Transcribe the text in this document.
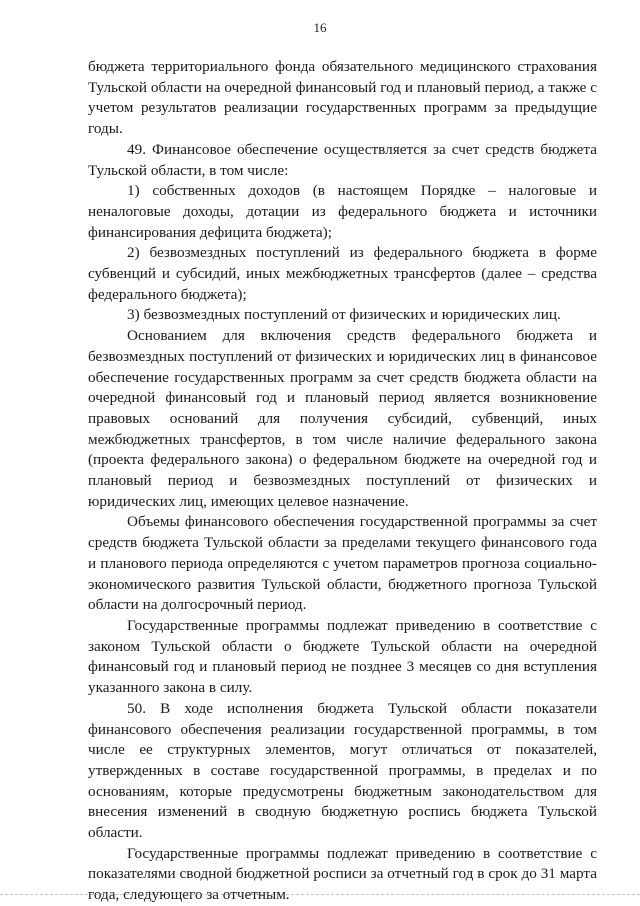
16

бюджета территориального фонда обязательного медицинского страхования Тульской области на очередной финансовый год и плановый период, а также с учетом результатов реализации государственных программ за предыдущие годы.

49. Финансовое обеспечение осуществляется за счет средств бюджета Тульской области, в том числе:

1) собственных доходов (в настоящем Порядке – налоговые и неналоговые доходы, дотации из федерального бюджета и источники финансирования дефицита бюджета);

2) безвозмездных поступлений из федерального бюджета в форме субвенций и субсидий, иных межбюджетных трансфертов (далее – средства федерального бюджета);

3) безвозмездных поступлений от физических и юридических лиц.

Основанием для включения средств федерального бюджета и безвозмездных поступлений от физических и юридических лиц в финансовое обеспечение государственных программ за счет средств бюджета области на очередной финансовый год и плановый период является возникновение правовых оснований для получения субсидий, субвенций, иных межбюджетных трансфертов, в том числе наличие федерального закона (проекта федерального закона) о федеральном бюджете на очередной год и плановый период и безвозмездных поступлений от физических и юридических лиц, имеющих целевое назначение.

Объемы финансового обеспечения государственной программы за счет средств бюджета Тульской области за пределами текущего финансового года и планового периода определяются с учетом параметров прогноза социально-экономического развития Тульской области, бюджетного прогноза Тульской области на долгосрочный период.

Государственные программы подлежат приведению в соответствие с законом Тульской области о бюджете Тульской области на очередной финансовый год и плановый период не позднее 3 месяцев со дня вступления указанного закона в силу.

50. В ходе исполнения бюджета Тульской области показатели финансового обеспечения реализации государственной программы, в том числе ее структурных элементов, могут отличаться от показателей, утвержденных в составе государственной программы, в пределах и по основаниям, которые предусмотрены бюджетным законодательством для внесения изменений в сводную бюджетную роспись бюджета Тульской области.

Государственные программы подлежат приведению в соответствие с показателями сводной бюджетной росписи за отчетный год в срок до 31 марта года, следующего за отчетным.
